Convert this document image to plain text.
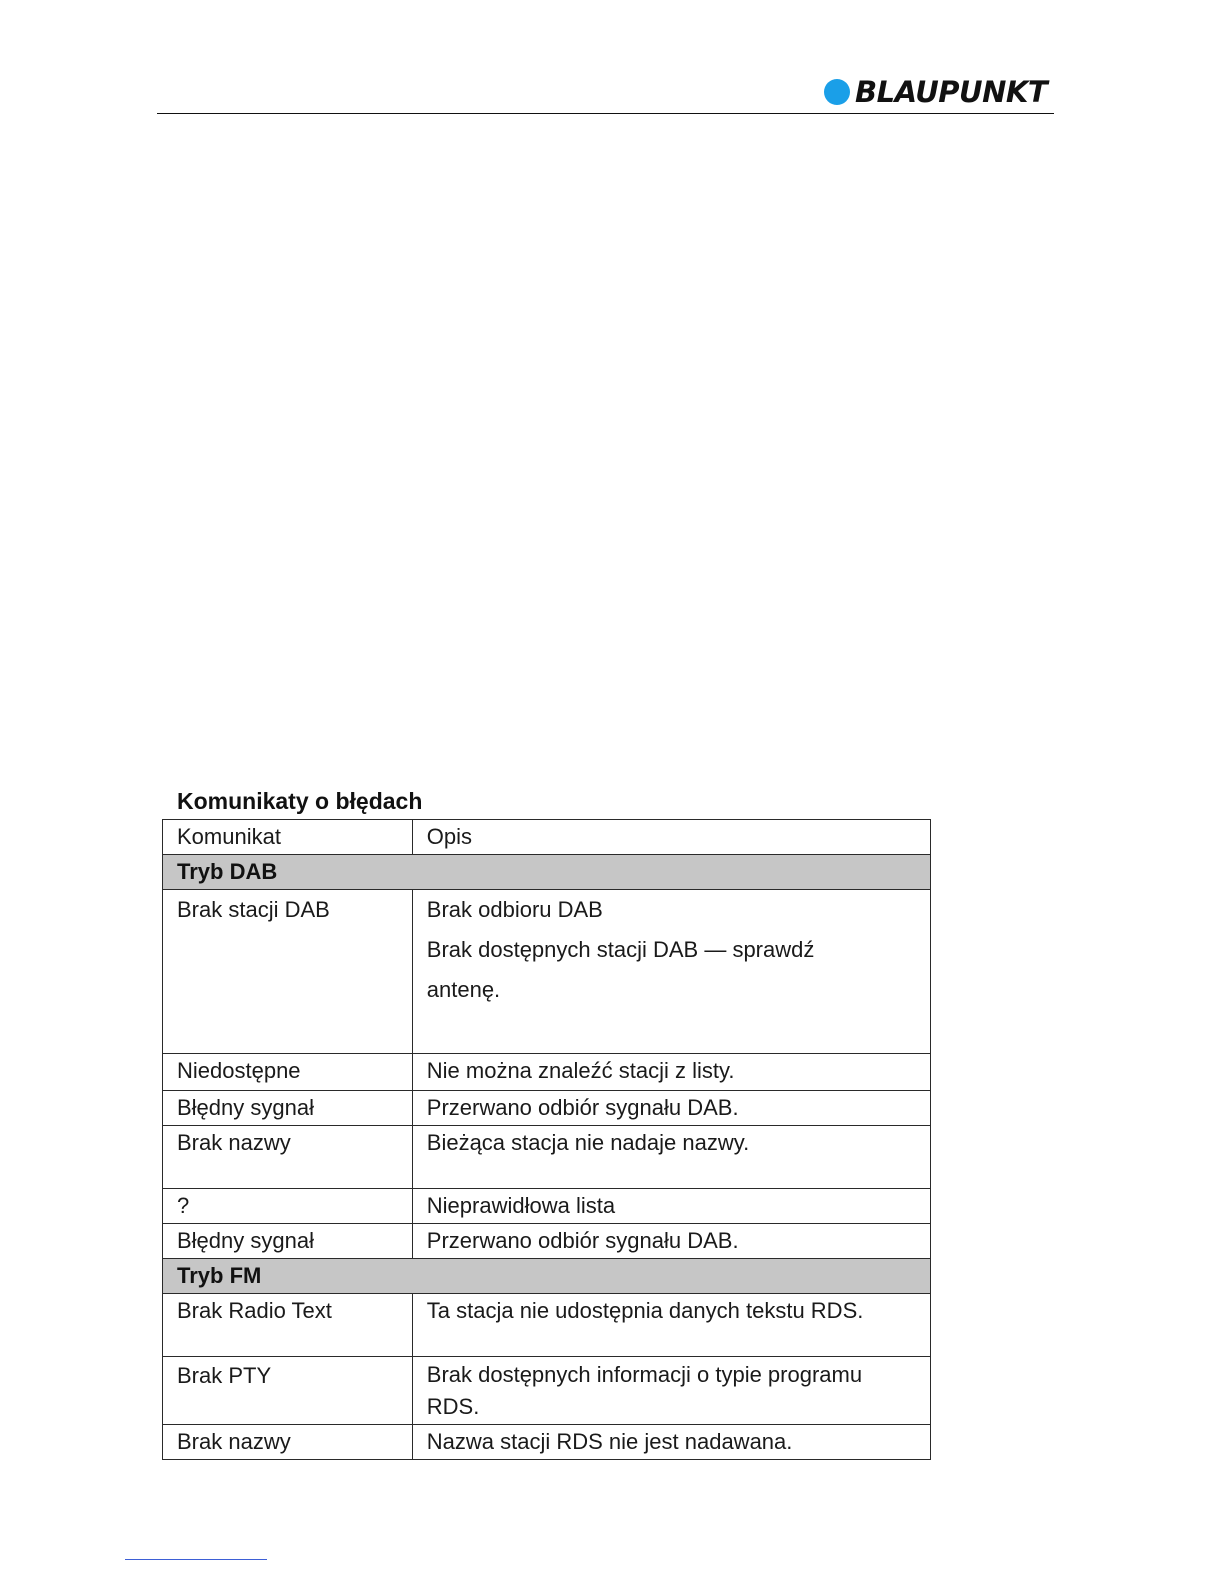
BLAUPUNKT
Komunikaty o błędach
Komunikat	Opis
Tryb DAB	
Brak stacji DAB	Brak odbioru DAB
Brak dostępnych stacji DAB — sprawdź
antenę.

Niedostępne	Nie można znaleźć stacji z listy.
Błędny sygnał	Przerwano odbiór sygnału DAB.
Brak nazwy	Bieżąca stacja nie nadaje nazwy.
?	Nieprawidłowa lista
Błędny sygnał	Przerwano odbiór sygnału DAB.
Tryb FM	
Brak Radio Text	Ta stacja nie udostępnia danych tekstu RDS.
Brak PTY	Brak dostępnych informacji o typie programu RDS.
Brak nazwy	Nazwa stacji RDS nie jest nadawana.
